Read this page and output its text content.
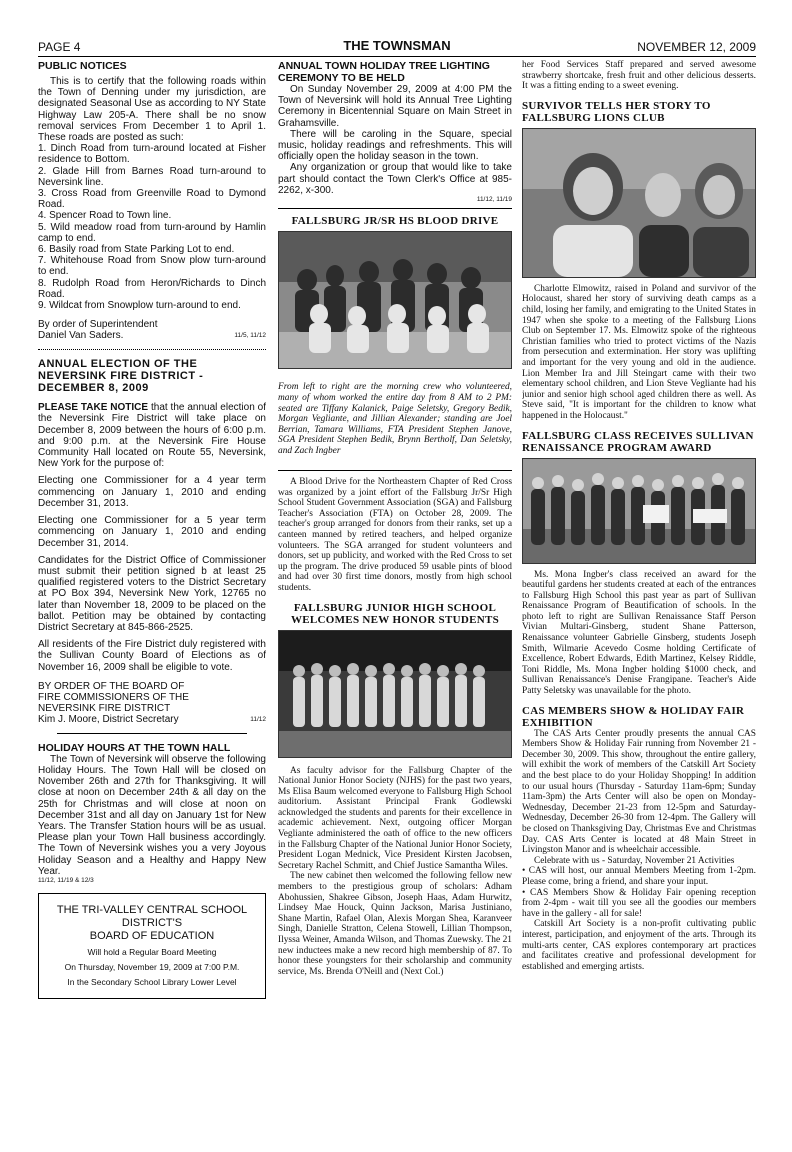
PAGE 4	THE TOWNSMAN	NOVEMBER 12, 2009
PUBLIC NOTICES

This is to certify that the following roads within the Town of Denning under my jurisdiction, are designated Seasonal Use as according to NY State Highway Law 205-A. There shall be no snow removal services From December 1 to April 1. These roads are posted as such:

1. Dinch Road from turn-around located at Fisher residence to Bottom.

2. Glade Hill from Barnes Road turn-around to Neversink line.

3. Cross Road from Greenville Road to Dymond Road.

4. Spencer Road to Town line.

5. Wild meadow road from turn-around by Hamlin camp to end.

6. Basily road from State Parking Lot to end.

7. Whitehouse Road from Snow plow turn-around to end.

8. Rudolph Road from Heron/Richards to Dinch Road.

9. Wildcat from Snowplow turn-around to end.

By order of Superintendent
Daniel Van Saders.	11/5, 11/12
ANNUAL ELECTION OF THE NEVERSINK FIRE DISTRICT - DECEMBER 8, 2009

PLEASE TAKE NOTICE that the annual election of the Neversink Fire District will take place on December 8, 2009 between the hours of 6:00 p.m. and 9:00 p.m. at the Neversink Fire House Community Hall located on Route 55, Neversink, New York for the purpose of:

Electing one Commissioner for a 4 year term commencing on January 1, 2010 and ending December 31, 2013.

Electing one Commissioner for a 5 year term commencing on January 1, 2010 and ending December 31, 2014.

Candidates for the District Office of Commissioner must submit their petition signed b at least 25 qualified registered voters to the District Secretary at PO Box 394, Neversink New York, 12765 no later than November 18, 2009 to be placed on the ballot. Petition may be obtained by contacting District Secretary at 845-866-2525.

All residents of the Fire District duly registered with the Sullivan County Board of Elections as of November 16, 2009 shall be eligible to vote.

BY ORDER OF THE BOARD OF
FIRE COMMISSIONERS OF THE
NEVERSINK FIRE DISTRICT
Kim J. Moore, District Secretary	11/12
HOLIDAY HOURS AT THE TOWN HALL

The Town of Neversink will observe the following Holiday Hours. The Town Hall will be closed on November 26th and 27th for Thanksgiving. It will close at noon on December 24th & all day on the 25th for Christmas and will close at noon on December 31st and all day on January 1st for New Years. The Transfer Station hours will be as usual. Please plan your Town Hall business accordingly. The Town of Neversink wishes you a very Joyous Holiday Season and a Healthy and Happy New Year.

11/12, 11/19 & 12/3
THE TRI-VALLEY CENTRAL SCHOOL
DISTRICT'S
BOARD OF EDUCATION
Will hold a Regular Board Meeting
On Thursday, November 19, 2009 at 7:00 P.M.
In the Secondary School Library Lower Level
ANNUAL TOWN HOLIDAY TREE LIGHTING CEREMONY TO BE HELD

On Sunday November 29, 2009 at 4:00 PM the Town of Neversink will hold its Annual Tree Lighting Ceremony in Bicentennial Square on Main Street in Grahamsville.

There will be caroling in the Square, special music, holiday readings and refreshments. This will officially open the holiday season in the town.

Any organization or group that would like to take part should contact the Town Clerk's Office at 985-2262, x-300.

11/12, 11/19
FALLSBURG JR/SR HS BLOOD DRIVE

From left to right are the morning crew who volunteered, many of whom worked the entire day from 8 AM to 2 PM: seated are Tiffany Kalanick, Paige Seletsky, Gregory Bedik, Morgan Vegliante, and Jillian Alexander; standing are Joel Berrian, Tamara Williams, FTA President Stephen Janove, SGA President Stephen Bedik, Brynn Bertholf, Dan Seletsky, and Zach Ingber

A Blood Drive for the Northeastern Chapter of Red Cross was organized by a joint effort of the Fallsburg Jr/Sr High School Student Government Association (SGA) and Fallsburg Teacher's Association (FTA) on October 28, 2009. The teacher's group arranged for donors from their ranks, set up a canteen manned by retired teachers, and helped organize volunteers. The SGA arranged for student volunteers and donors, set up publicity, and worked with the Red Cross to set up the program. The drive produced 59 usable pints of blood and had over 30 first time donors, mostly from high school students.

FALLSBURG JUNIOR HIGH SCHOOL WELCOMES NEW HONOR STUDENTS

As faculty advisor for the Fallsburg Chapter of the National Junior Honor Society (NJHS) for the past two years, Ms Elisa Baum welcomed everyone to Fallsburg High School auditorium. Assistant Principal Frank Godlewski acknowledged the students and parents for their excellence in academic achievement. Next, outgoing officer Morgan Vegliante administered the oath of office to the new officers in the Fallsburg Chapter of the National Junior Honor Society, President Logan Mednick, Vice President Kirsten Jacobsen, Secretary Rachel Schmitt, and Chief Justice Samantha Wiles.

The new cabinet then welcomed the following fellow new members to the prestigious group of scholars: Adham Abohussien, Shakree Gibson, Joseph Haas, Adam Hurwitz, Lindsey Mae Houck, Quinn Jackson, Marisa Justiniano, Shane Martin, Rafael Olan, Alexis Morgan Shea, Karanveer Singh, Danielle Stratton, Celena Stowell, Lillian Thompson, Ilyssa Weiner, Amanda Wilson, and Thomas Zuewsky. The 21 new inductees make a new record high membership of 87. To honor these youngsters for their scholarship and community service, Ms. Brenda O'Neill and (Next Col.)

her Food Services Staff prepared and served awesome strawberry shortcake, fresh fruit and other delicious desserts. It was a fitting ending to a sweet evening.

SURVIVOR TELLS HER STORY TO FALLSBURG LIONS CLUB

Charlotte Elmowitz, raised in Poland and survivor of the Holocaust, shared her story of surviving death camps as a child, losing her family, and emigrating to the United States in 1947 when she spoke to a meeting of the Fallsburg Lions Club on September 17. Ms. Elmowitz spoke of the righteous Christian families who tried to protect victims of the Nazis from persecution and extermination. Her story was uplifting and important for the very young and old in the audience. Lion Member Ira and Jill Steingart came with their two elementary school children, and Lion Steve Vegliante had his junior and senior high school aged children there as well. As Steve said, "It is important for the children to know what happened in the Holocaust."

FALLSBURG CLASS RECEIVES SULLIVAN RENAISSANCE PROGRAM AWARD

Ms. Mona Ingber's class received an award for the beautiful gardens her students created at each of the entrances to Fallsburg High School this past year as part of Sullivan Renaissance Program of Beautification of schools. In the photo left to right are Sullivan Renaissance Staff Person Vivian Multari-Ginsberg, student Shane Patterson, Renaissance volunteer Gabrielle Ginsberg, students Joseph Smith, Wilmarie Acevedo Cosme holding Certificate of Excellence, Robert Edwards, Edith Martinez, Kelsey Riddle, Toni Riddle, Ms. Mona Ingber holding $1000 check, and Sullivan Renaissance's Denise Frangipane. Teacher's Aide Patty Seletsky was unavailable for the photo.

CAS MEMBERS SHOW & HOLIDAY FAIR EXHIBITION

The CAS Arts Center proudly presents the annual CAS Members Show & Holiday Fair running from November 21 - December 30, 2009. This show, throughout the entire gallery, will exhibit the work of members of the Catskill Art Society and the best place to do your Holiday Shopping! In addition to our usual hours (Thursday - Saturday 11am-6pm; Sunday 11am-3pm) the Arts Center will also be open on Monday-Wednesday, December 21-23 from 12-5pm and Saturday-Wednesday, December 26-30 from 12-4pm. The Gallery will be closed on Thanksgiving Day, Christmas Eve and Christmas Day. CAS Arts Center is located at 48 Main Street in Livingston Manor and is wheelchair accessible.

Celebrate with us - Saturday, November 21 Activities

• CAS will host, our annual Members Meeting from 1-2pm. Please come, bring a friend, and share your input.

• CAS Members Show & Holiday Fair opening reception from 2-4pm - wait till you see all the goodies our members have in the gallery - all for sale!

Catskill Art Society is a non-profit cultivating public interest, participation, and enjoyment of the arts. Through its multi-arts center, CAS explores contemporary art practices and facilitates creative and professional development for established and emerging artists.
